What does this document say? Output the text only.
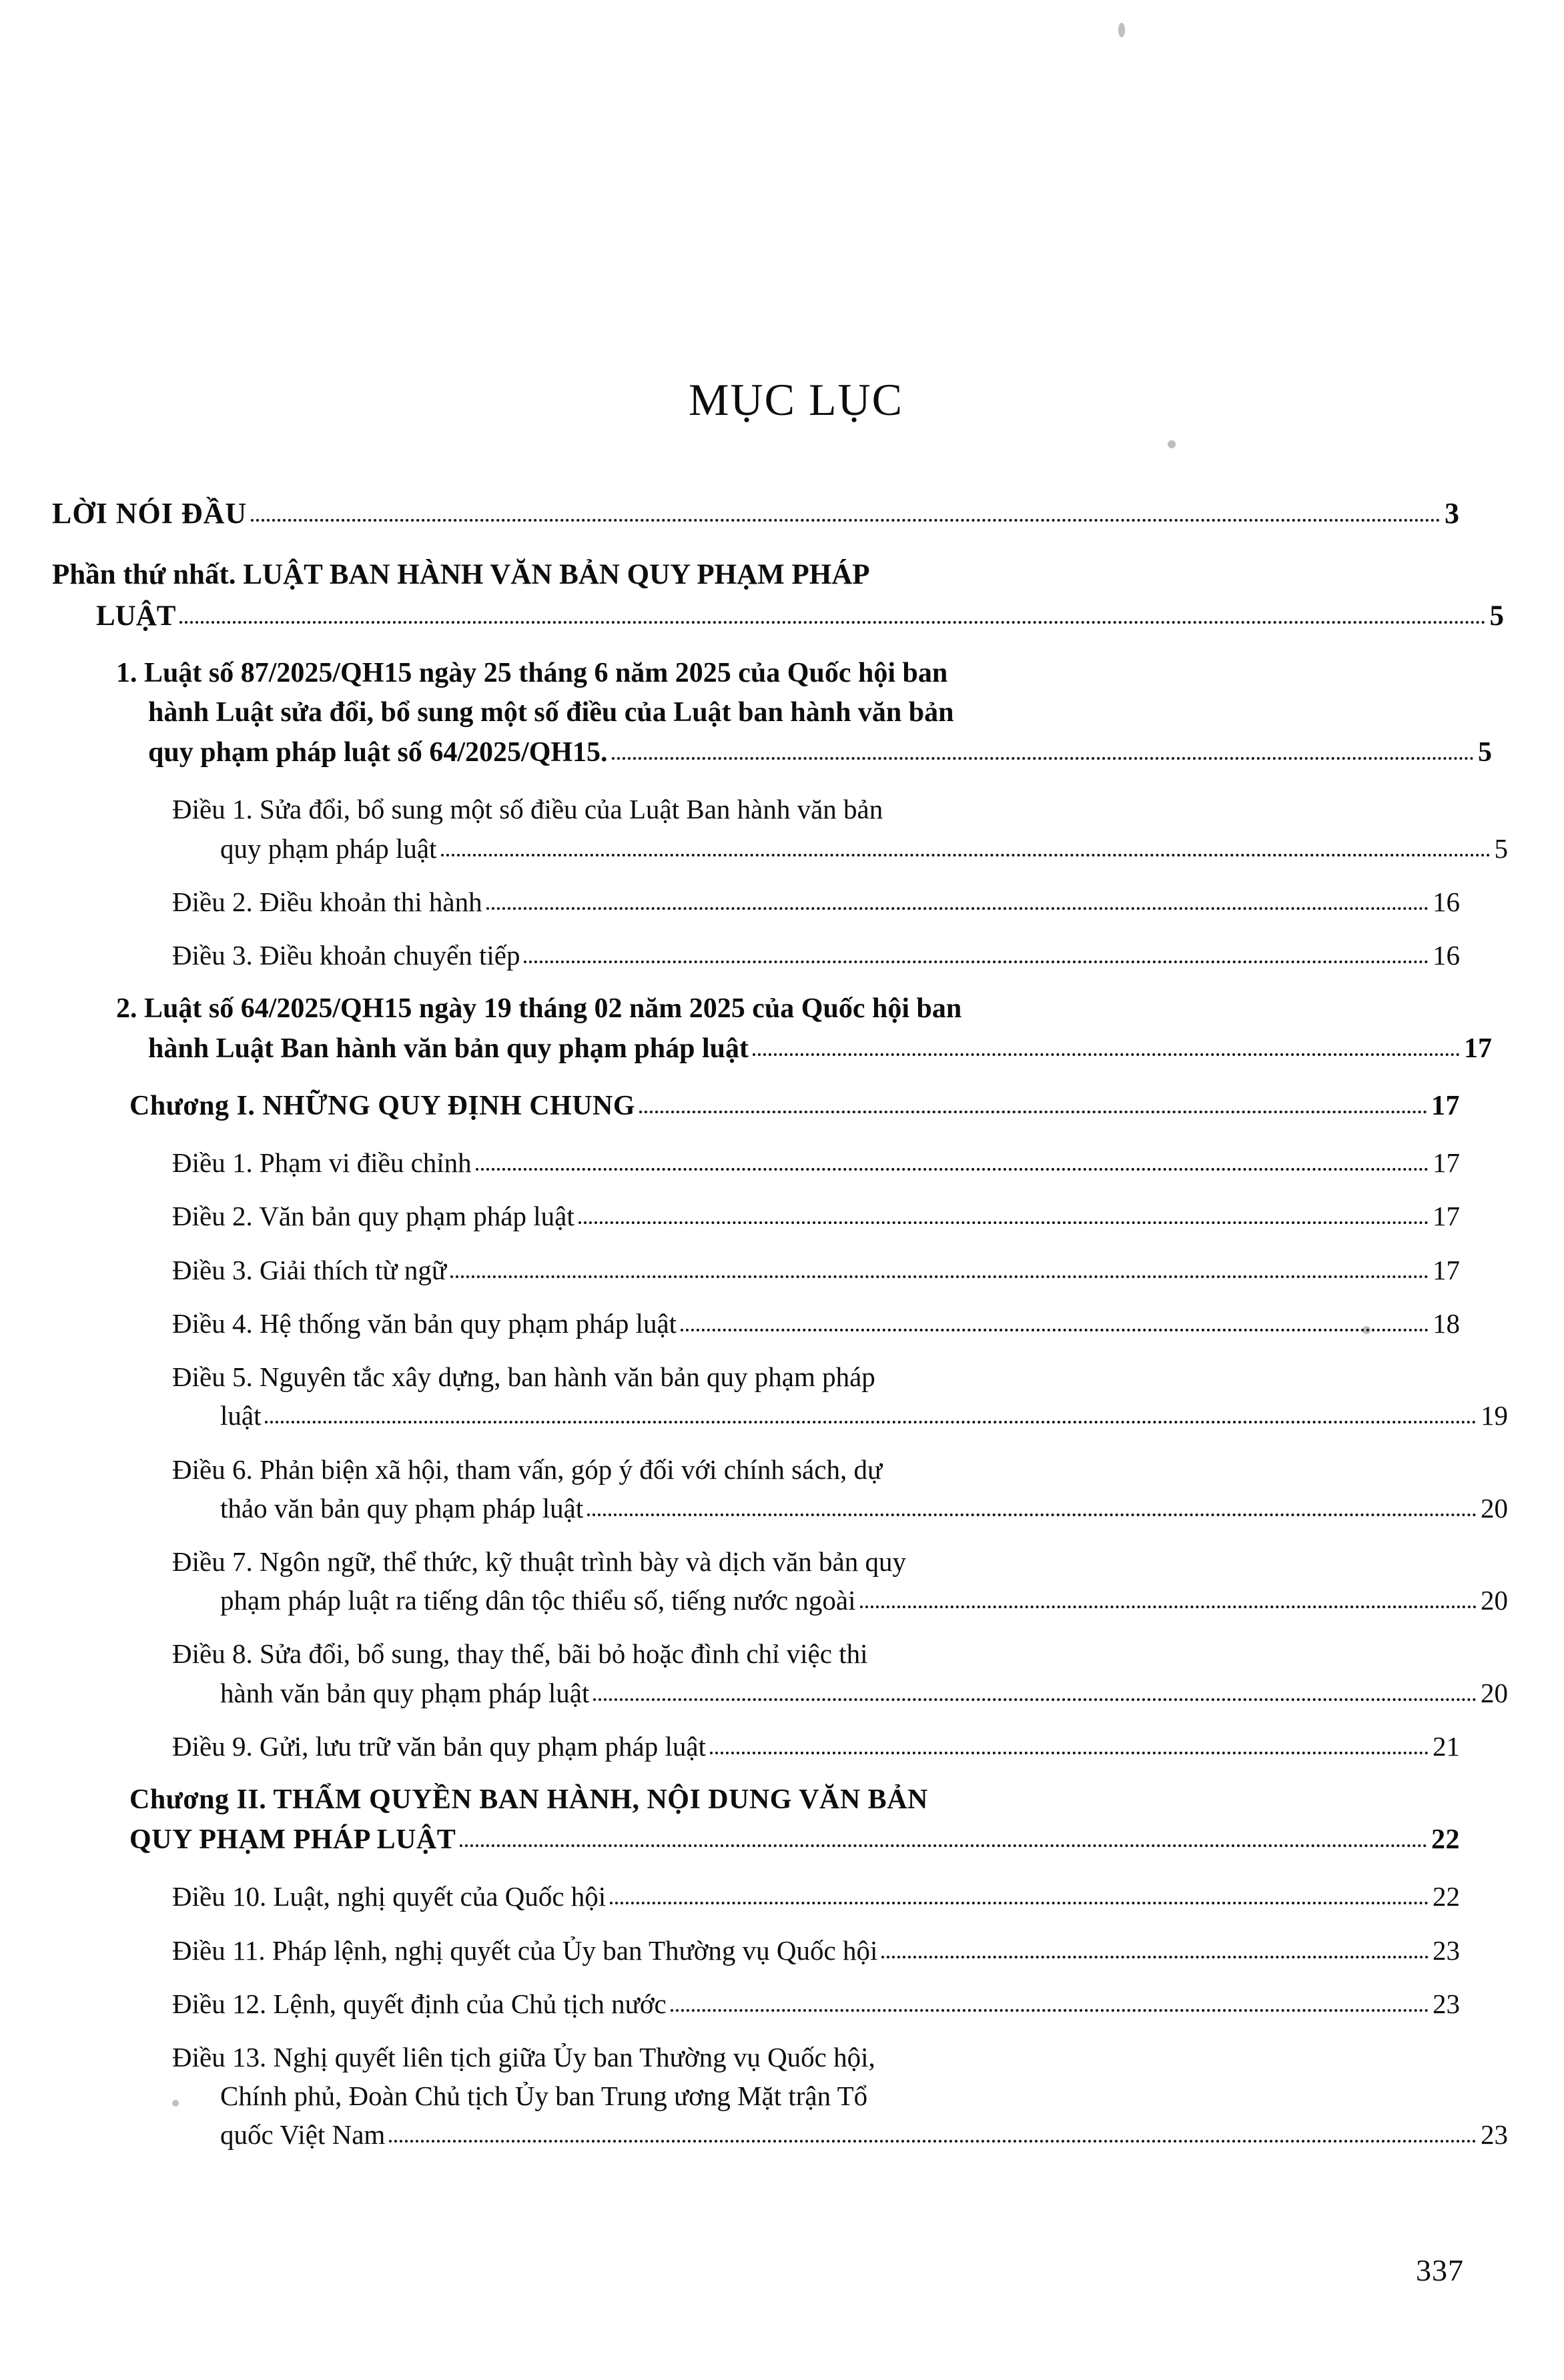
MỤC LỤC
LỜI NÓI ĐẦU	3
Phần thứ nhất. LUẬT BAN HÀNH VĂN BẢN QUY PHẠM PHÁP
LUẬT	5
1. Luật số 87/2025/QH15 ngày 25 tháng 6 năm 2025 của Quốc hội ban
hành Luật sửa đổi, bổ sung một số điều của Luật ban hành văn bản
quy phạm pháp luật số 64/2025/QH15.	5
Điều 1. Sửa đổi, bổ sung một số điều của Luật Ban hành văn bản
quy phạm pháp luật	5
Điều 2. Điều khoản thi hành	16
Điều 3. Điều khoản chuyển tiếp	16
2. Luật số 64/2025/QH15 ngày 19 tháng 02 năm 2025 của Quốc hội ban
hành Luật Ban hành văn bản quy phạm pháp luật	17
Chương I. NHỮNG QUY ĐỊNH CHUNG	17
Điều 1. Phạm vi điều chỉnh	17
Điều 2. Văn bản quy phạm pháp luật	17
Điều 3. Giải thích từ ngữ	17
Điều 4. Hệ thống văn bản quy phạm pháp luật	18
Điều 5. Nguyên tắc xây dựng, ban hành văn bản quy phạm pháp
luật	19
Điều 6. Phản biện xã hội, tham vấn, góp ý đối với chính sách, dự
thảo văn bản quy phạm pháp luật	20
Điều 7. Ngôn ngữ, thể thức, kỹ thuật trình bày và dịch văn bản quy
phạm pháp luật ra tiếng dân tộc thiểu số, tiếng nước ngoài	20
Điều 8. Sửa đổi, bổ sung, thay thế, bãi bỏ hoặc đình chỉ việc thi
hành văn bản quy phạm pháp luật	20
Điều 9. Gửi, lưu trữ văn bản quy phạm pháp luật	21
Chương II. THẨM QUYỀN BAN HÀNH, NỘI DUNG VĂN BẢN
QUY PHẠM PHÁP LUẬT	22
Điều 10. Luật, nghị quyết của Quốc hội	22
Điều 11. Pháp lệnh, nghị quyết của Ủy ban Thường vụ Quốc hội	23
Điều 12. Lệnh, quyết định của Chủ tịch nước	23
Điều 13. Nghị quyết liên tịch giữa Ủy ban Thường vụ Quốc hội,
Chính phủ, Đoàn Chủ tịch Ủy ban Trung ương Mặt trận Tổ
quốc Việt Nam	23
337
